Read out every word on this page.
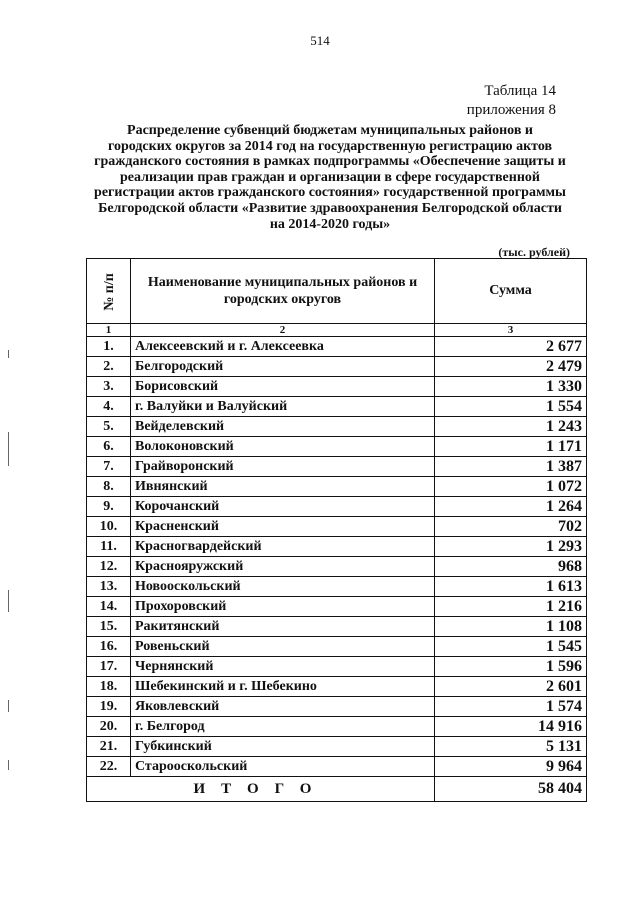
514
Таблица 14
приложения 8
Распределение субвенций бюджетам муниципальных районов и
городских округов за 2014 год на государственную регистрацию актов
гражданского состояния в рамках подпрограммы «Обеспечение защиты и
реализации прав граждан и организации в сфере государственной
регистрации актов гражданского состояния» государственной программы
Белгородской области «Развитие здравоохранения Белгородской области
на 2014-2020 годы»
(тыс. рублей)
№ п/п	Наименование муниципальных районов и городских округов	Сумма
1	2	3
1.	Алексеевский и г. Алексеевка	2 677
2.	Белгородский	2 479
3.	Борисовский	1 330
4.	г. Валуйки и Валуйский	1 554
5.	Вейделевский	1 243
6.	Волоконовский	1 171
7.	Грайворонский	1 387
8.	Ивнянский	1 072
9.	Корочанский	1 264
10.	Красненский	702
11.	Красногвардейский	1 293
12.	Краснояружский	968
13.	Новооскольский	1 613
14.	Прохоровский	1 216
15.	Ракитянский	1 108
16.	Ровеньский	1 545
17.	Чернянский	1 596
18.	Шебекинский и г. Шебекино	2 601
19.	Яковлевский	1 574
20.	г. Белгород	14 916
21.	Губкинский	5 131
22.	Старооскольский	9 964
ИТОГО		58 404
